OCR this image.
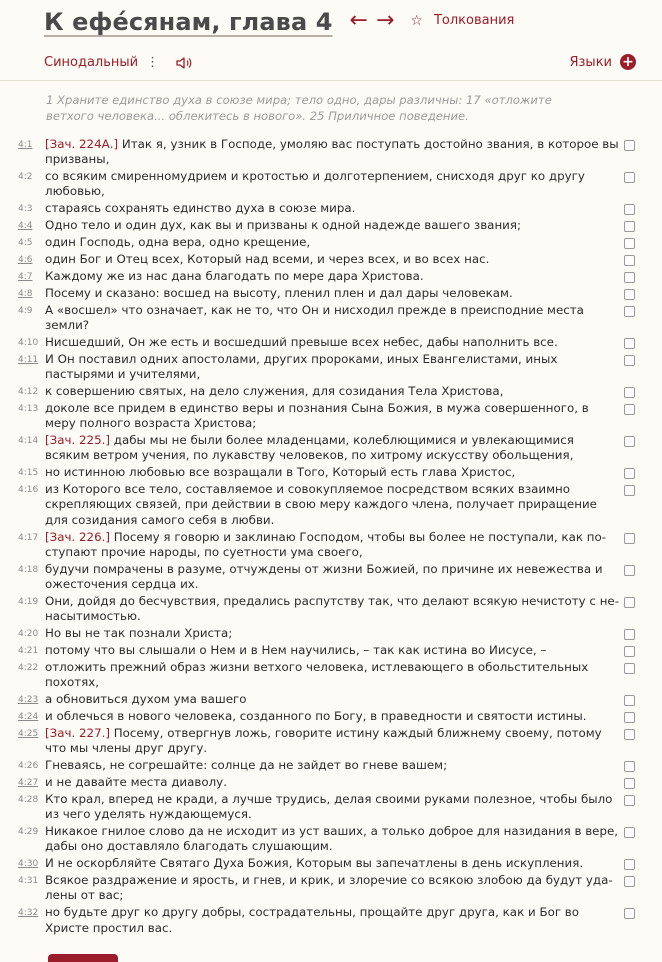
К ефе́сянам, глава 4 ← → ☆ Толкования
Синодальный ⋮	Языки +
1 Храните единство духа в союзе мира; тело одно, дары различны: 17 «отложите ветхого человека... облекитесь в нового». 25 Приличное поведение.
4:1 [Зач. 224А.] Итак я, узник в Господе, умоляю вас поступать достойно звания, в которое вы призваны,
4:2 со всяким смиренномудрием и кротостью и долготерпением, снисходя друг ко другу любовью,
4:3 стараясь сохранять единство духа в союзе мира.
4:4 Одно тело и один дух, как вы и призваны к одной надежде вашего звания;
4:5 один Господь, одна вера, одно крещение,
4:6 один Бог и Отец всех, Который над всеми, и через всех, и во всех нас.
4:7 Каждому же из нас дана благодать по мере дара Христова.
4:8 Посему и сказано: восшед на высоту, пленил плен и дал дары человекам.
4:9 А «восшел» что означает, как не то, что Он и нисходил прежде в преисподние места земли?
4:10 Нисшедший, Он же есть и восшедший превыше всех небес, дабы наполнить все.
4:11 И Он поставил одних апостолами, других пророками, иных Евангелистами, иных пастырями и учителями,
4:12 к совершению святых, на дело служения, для созидания Тела Христова,
4:13 доколе все придем в единство веры и познания Сына Божия, в мужа совершенного, в меру полного возраста Христова;
4:14 [Зач. 225.] дабы мы не были более младенцами, колеблющимися и увлекающимися всяким ветром учения, по лукавству человеков, по хитрому искусству обольщения,
4:15 но истинною любовью все возращали в Того, Который есть глава Христос,
4:16 из Которого все тело, составляемое и совокупляемое посредством всяких взаимно скрепляющих связей, при действии в свою меру каждого члена, получает приращение для созидания самого себя в любви.
4:17 [Зач. 226.] Посему я говорю и заклинаю Господом, чтобы вы более не поступали, как поступают прочие народы, по суетности ума своего,
4:18 будучи помрачены в разуме, отчуждены от жизни Божией, по причине их невежества и ожесточения сердца их.
4:19 Они, дойдя до бесчувствия, предались распутству так, что делают всякую нечистоту с ненасытимостью.
4:20 Но вы не так познали Христа;
4:21 потому что вы слышали о Нем и в Нем научились, – так как истина во Иисусе, –
4:22 отложить прежний образ жизни ветхого человека, истлевающего в обольстительных похотях,
4:23 а обновиться духом ума вашего
4:24 и облечься в нового человека, созданного по Богу, в праведности и святости истины.
4:25 [Зач. 227.] Посему, отвергнув ложь, говорите истину каждый ближнему своему, потому что мы члены друг другу.
4:26 Гневаясь, не согрешайте: солнце да не зайдет во гневе вашем;
4:27 и не давайте места диаволу.
4:28 Кто крал, вперед не кради, а лучше трудись, делая своими руками полезное, чтобы было из чего уделять нуждающемуся.
4:29 Никакое гнилое слово да не исходит из уст ваших, а только доброе для назидания в вере, дабы оно доставляло благодать слушающим.
4:30 И не оскорбляйте Святаго Духа Божия, Которым вы запечатлены в день искупления.
4:31 Всякое раздражение и ярость, и гнев, и крик, и злоречие со всякою злобою да будут удалены от вас;
4:32 но будьте друг ко другу добры, сострадательны, прощайте друг друга, как и Бог во Христе простил вас.
